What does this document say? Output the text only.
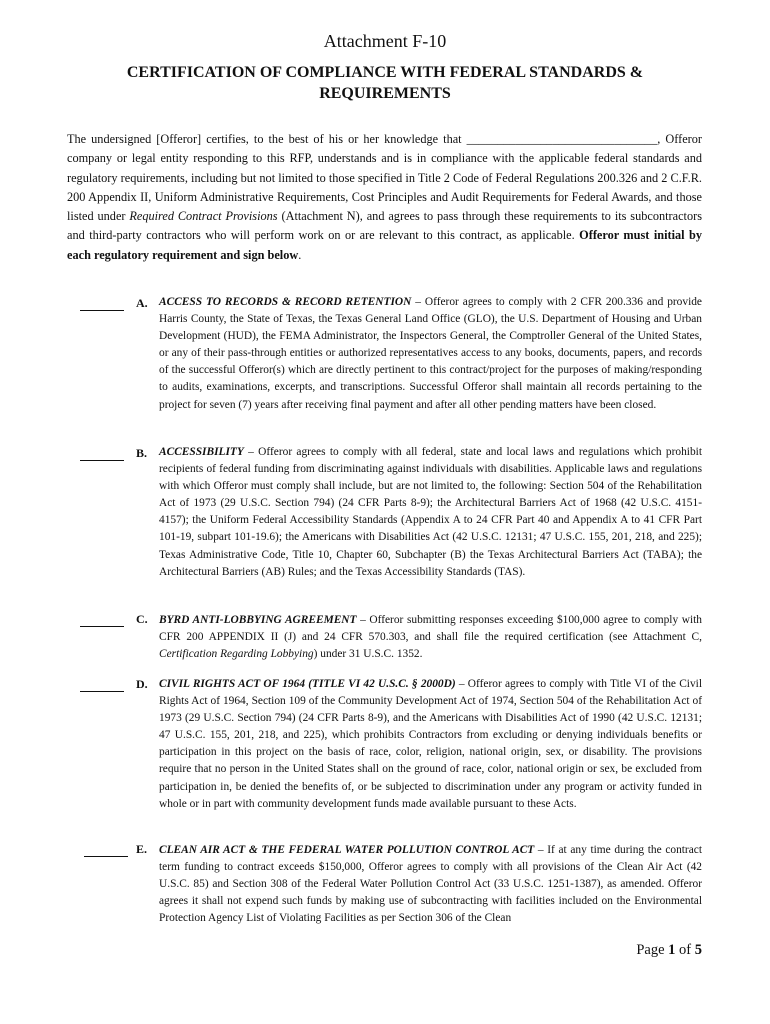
Attachment F-10
CERTIFICATION OF COMPLIANCE WITH FEDERAL STANDARDS & REQUIREMENTS
The undersigned [Offeror] certifies, to the best of his or her knowledge that _______________________________, Offeror company or legal entity responding to this RFP, understands and is in compliance with the applicable federal standards and regulatory requirements, including but not limited to those specified in Title 2 Code of Federal Regulations 200.326 and 2 C.F.R. 200 Appendix II, Uniform Administrative Requirements, Cost Principles and Audit Requirements for Federal Awards, and those listed under Required Contract Provisions (Attachment N), and agrees to pass through these requirements to its subcontractors and third-party contractors who will perform work on or are relevant to this contract, as applicable. Offeror must initial by each regulatory requirement and sign below.
A. ACCESS TO RECORDS & RECORD RETENTION – Offeror agrees to comply with 2 CFR 200.336 and provide Harris County, the State of Texas, the Texas General Land Office (GLO), the U.S. Department of Housing and Urban Development (HUD), the FEMA Administrator, the Inspectors General, the Comptroller General of the United States, or any of their pass-through entities or authorized representatives access to any books, documents, papers, and records of the successful Offeror(s) which are directly pertinent to this contract/project for the purposes of making/responding to audits, examinations, excerpts, and transcriptions. Successful Offeror shall maintain all records pertaining to the project for seven (7) years after receiving final payment and after all other pending matters have been closed.
B. ACCESSIBILITY – Offeror agrees to comply with all federal, state and local laws and regulations which prohibit recipients of federal funding from discriminating against individuals with disabilities. Applicable laws and regulations with which Offeror must comply shall include, but are not limited to, the following: Section 504 of the Rehabilitation Act of 1973 (29 U.S.C. Section 794) (24 CFR Parts 8-9); the Architectural Barriers Act of 1968 (42 U.S.C. 4151-4157); the Uniform Federal Accessibility Standards (Appendix A to 24 CFR Part 40 and Appendix A to 41 CFR Part 101-19, subpart 101-19.6); the Americans with Disabilities Act (42 U.S.C. 12131; 47 U.S.C. 155, 201, 218, and 225); Texas Administrative Code, Title 10, Chapter 60, Subchapter (B) the Texas Architectural Barriers Act (TABA); the Architectural Barriers (AB) Rules; and the Texas Accessibility Standards (TAS).
C. BYRD ANTI-LOBBYING AGREEMENT – Offeror submitting responses exceeding $100,000 agree to comply with CFR 200 APPENDIX II (J) and 24 CFR 570.303, and shall file the required certification (see Attachment C, Certification Regarding Lobbying) under 31 U.S.C. 1352.
D. CIVIL RIGHTS ACT OF 1964 (TITLE VI 42 U.S.C. § 2000D) – Offeror agrees to comply with Title VI of the Civil Rights Act of 1964, Section 109 of the Community Development Act of 1974, Section 504 of the Rehabilitation Act of 1973 (29 U.S.C. Section 794) (24 CFR Parts 8-9), and the Americans with Disabilities Act of 1990 (42 U.S.C. 12131; 47 U.S.C. 155, 201, 218, and 225), which prohibits Contractors from excluding or denying individuals benefits or participation in this project on the basis of race, color, religion, national origin, sex, or disability. The provisions require that no person in the United States shall on the ground of race, color, national origin or sex, be excluded from participation in, be denied the benefits of, or be subjected to discrimination under any program or activity funded in whole or in part with community development funds made available pursuant to these Acts.
E. CLEAN AIR ACT & THE FEDERAL WATER POLLUTION CONTROL ACT – If at any time during the contract term funding to contract exceeds $150,000, Offeror agrees to comply with all provisions of the Clean Air Act (42 U.S.C. 85) and Section 308 of the Federal Water Pollution Control Act (33 U.S.C. 1251-1387), as amended. Offeror agrees it shall not expend such funds by making use of subcontracting with facilities included on the Environmental Protection Agency List of Violating Facilities as per Section 306 of the Clean
Page 1 of 5
